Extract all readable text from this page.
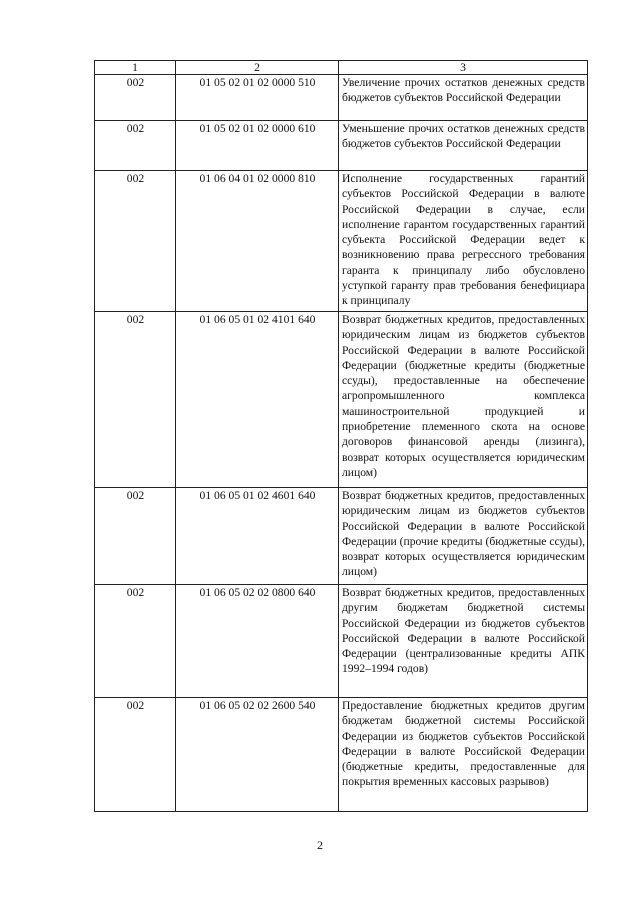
1	2	3
002	01 05 02 01 02 0000 510	Увеличение прочих остатков денежных средств бюджетов субъектов Российской Федерации
002	01 05 02 01 02 0000 610	Уменьшение прочих остатков денежных средств бюджетов субъектов Российской Федерации
002	01 06 04 01 02 0000 810	Исполнение государственных гарантий субъектов Российской Федерации в валюте Российской Федерации в случае, если исполнение гарантом государственных гарантий субъекта Российской Федерации ведет к возникновению права регрессного требования гаранта к принципалу либо обусловлено уступкой гаранту прав требования бенефициара к принципалу
002	01 06 05 01 02 4101 640	Возврат бюджетных кредитов, предоставленных юридическим лицам из бюджетов субъектов Российской Федерации в валюте Российской Федерации (бюджетные кредиты (бюджетные ссуды), предоставленные на обеспечение агропромышленного комплекса машиностроительной продукцией и приобретение племенного скота на основе договоров финансовой аренды (лизинга), возврат которых осуществляется юридическим лицом)
002	01 06 05 01 02 4601 640	Возврат бюджетных кредитов, предоставленных юридическим лицам из бюджетов субъектов Российской Федерации в валюте Российской Федерации (прочие кредиты (бюджетные ссуды), возврат которых осуществляется юридическим лицом)
002	01 06 05 02 02 0800 640	Возврат бюджетных кредитов, предоставленных другим бюджетам бюджетной системы Российской Федерации из бюджетов субъектов Российской Федерации в валюте Российской Федерации (централизованные кредиты АПК 1992–1994 годов)
002	01 06 05 02 02 2600 540	Предоставление бюджетных кредитов другим бюджетам бюджетной системы Российской Федерации из бюджетов субъектов Российской Федерации в валюте Российской Федерации (бюджетные кредиты, предоставленные для покрытия временных кассовых разрывов)
2
